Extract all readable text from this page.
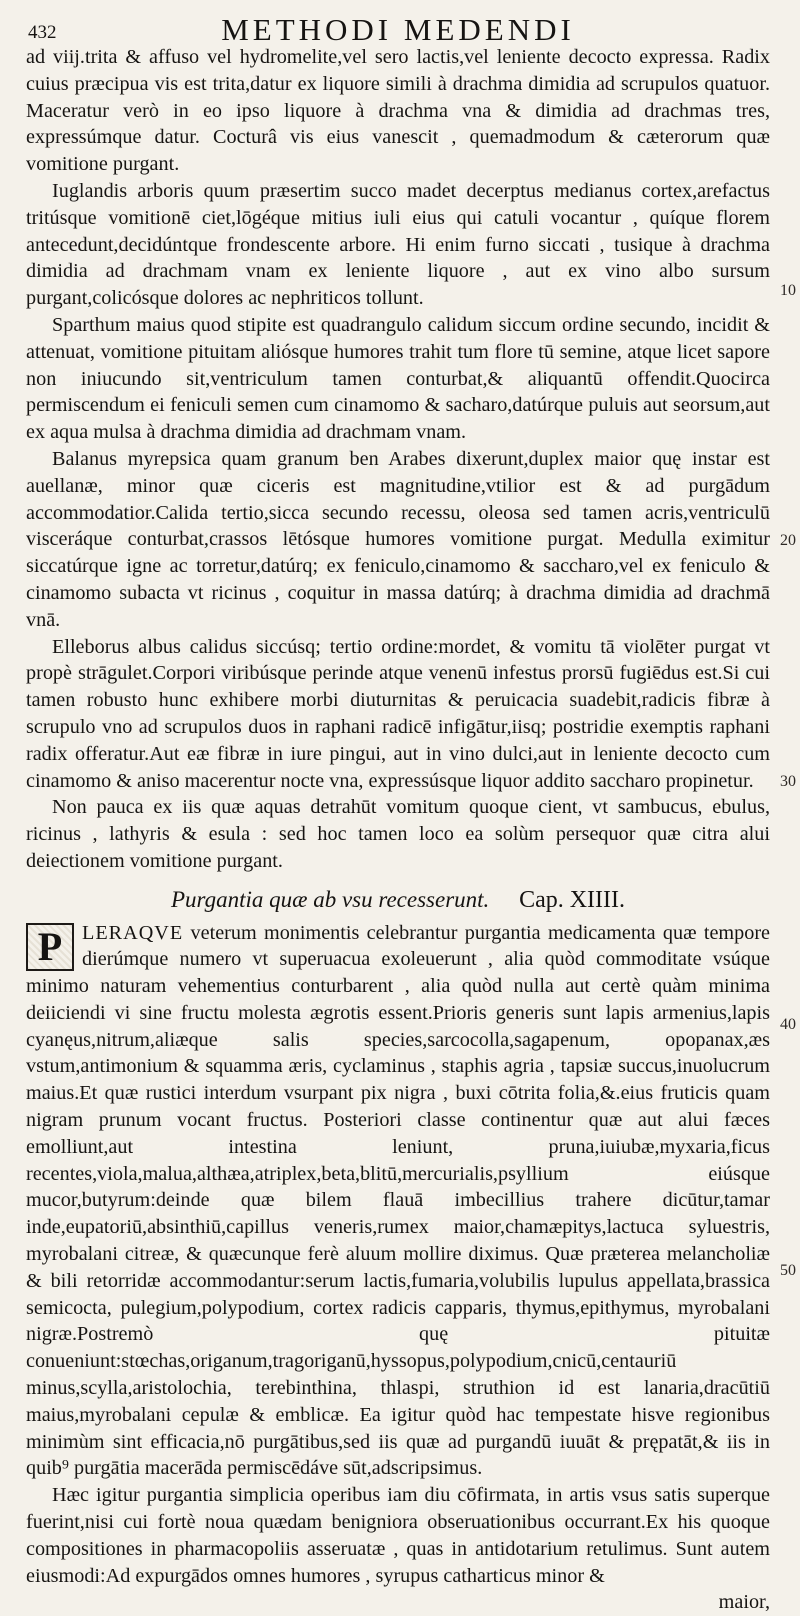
432	METHODI MEDENDI
10
20
30
40
50

ad viij.trita & affuso vel hydromelite,vel sero lactis,vel leniente decocto expressa. Radix cuius præcipua vis est trita,datur ex liquore simili à drachma dimidia ad scrupulos quatuor. Maceratur verò in eo ipso liquore à drachma vna & dimidia ad drachmas tres, expressúmque datur. Cocturâ vis eius vanescit , quemadmodum & cæterorum quæ vomitione purgant.

Iuglandis arboris quum præsertim succo madet decerptus medianus cortex,arefactus tritúsque vomitionē ciet,lōgéque mitius iuli eius qui catuli vocantur , quíque florem antecedunt,decidúntque frondescente arbore. Hi enim furno siccati , tusique à drachma dimidia ad drachmam vnam ex leniente liquore , aut ex vino albo sursum purgant,colicósque dolores ac nephriticos tollunt.

Sparthum maius quod stipite est quadrangulo calidum siccum ordine secundo, incidit & attenuat, vomitione pituitam aliósque humores trahit tum flore tū semine, atque licet sapore non iniucundo sit,ventriculum tamen conturbat,& aliquantū offendit.Quocirca permiscendum ei feniculi semen cum cinamomo & sacharo,datúrque puluis aut seorsum,aut ex aqua mulsa à drachma dimidia ad drachmam vnam.

Balanus myrepsica quam granum ben Arabes dixerunt,duplex maior quę instar est auellanæ, minor quæ ciceris est magnitudine,vtilior est & ad purgādum accommodatior.Calida tertio,sicca secundo recessu, oleosa sed tamen acris,ventriculū visceráque conturbat,crassos lētósque humores vomitione purgat. Medulla eximitur siccatúrque igne ac torretur,datúrq; ex feniculo,cinamomo & saccharo,vel ex feniculo & cinamomo subacta vt ricinus , coquitur in massa datúrq; à drachma dimidia ad drachmā vnā.

Elleborus albus calidus siccúsq; tertio ordine:mordet, & vomitu tā violēter purgat vt propè strāgulet.Corpori viribúsque perinde atque venenū infestus prorsū fugiēdus est.Si cui tamen robusto hunc exhibere morbi diuturnitas & peruicacia suadebit,radicis fibræ à scrupulo vno ad scrupulos duos in raphani radicē infigātur,iisq; postridie exemptis raphani radix offeratur.Aut eæ fibræ in iure pingui, aut in vino dulci,aut in leniente decocto cum cinamomo & aniso macerentur nocte vna, expressúsque liquor addito saccharo propinetur.

Non pauca ex iis quæ aquas detrahūt vomitum quoque cient, vt sambucus, ebulus, ricinus , lathyris & esula : sed hoc tamen loco ea solùm persequor quæ citra alui deiectionem vomitione purgant.

Purgantia quæ ab vsu recesserunt. Cap. XIIII.

P LERAQVE veterum monimentis celebrantur purgantia medicamenta quæ tempore dierúmque numero vt superuacua exoleuerunt , alia quòd commoditate vsúque minimo naturam vehementius conturbarent , alia quòd nulla aut certè quàm minima deiiciendi vi sine fructu molesta ægrotis essent.Prioris generis sunt lapis armenius,lapis cyanęus,nitrum,aliæque salis species,sarcocolla,sagapenum, opopanax,æs vstum,antimonium & squamma æris, cyclaminus , staphis agria , tapsiæ succus,inuolucrum maius.Et quæ rustici interdum vsurpant pix nigra , buxi cōtrita folia,&.eius fruticis quam nigram prunum vocant fructus. Posteriori classe continentur quæ aut alui fæces emolliunt,aut intestina leniunt, pruna,iuiubæ,myxaria,ficus recentes,viola,malua,althæa,atriplex,beta,blitū,mercurialis,psyllium eiúsque mucor,butyrum:deinde quæ bilem flauā imbecillius trahere dicūtur,tamar inde,eupatoriū,absinthiū,capillus veneris,rumex maior,chamæpitys,lactuca syluestris, myrobalani citreæ, & quæcunque ferè aluum mollire diximus. Quæ præterea melancholiæ & bili retorridæ accommodantur:serum lactis,fumaria,volubilis lupulus appellata,brassica semicocta, pulegium,polypodium, cortex radicis capparis, thymus,epithymus, myrobalani nigræ.Postremò quę pituitæ conueniunt:stœchas,origanum,tragoriganū,hyssopus,polypodium,cnicū,centauriū minus,scylla,aristolochia, terebinthina, thlaspi, struthion id est lanaria,dracūtiū maius,myrobalani cepulæ & emblicæ. Ea igitur quòd hac tempestate hisve regionibus minimùm sint efficacia,nō purgātibus,sed iis quæ ad purgandū iuuāt & prępatāt,& iis in quib⁹ purgātia macerāda permiscēdáve sūt,adscripsimus.

Hæc igitur purgantia simplicia operibus iam diu cōfirmata, in artis vsus satis superque fuerint,nisi cui fortè noua quædam benigniora obseruationibus occurrant.Ex his quoque compositiones in pharmacopoliis asseruatæ , quas in antidotarium retulimus. Sunt autem eiusmodi:Ad expurgādos omnes humores , syrupus catharticus minor &

maior,
